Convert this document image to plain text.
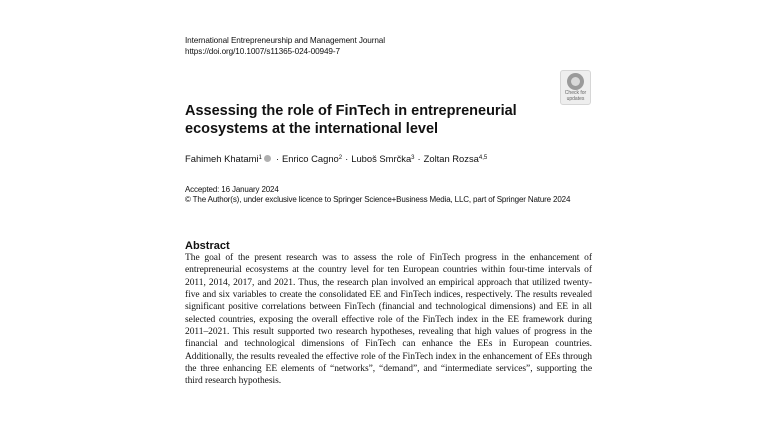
International Entrepreneurship and Management Journal
https://doi.org/10.1007/s11365-024-00949-7
Check for
updates
Assessing the role of FinTech in entrepreneurial ecosystems at the international level
Fahimeh Khatami$^1$ · Enrico Cagno$^2$ · Luboš Smrčka$^3$ · Zoltan Rozsa$^{4,5}$
Accepted: 16 January 2024
© The Author(s), under exclusive licence to Springer Science+Business Media, LLC, part of Springer Nature 2024
Abstract
The goal of the present research was to assess the role of FinTech progress in the enhancement of entrepreneurial ecosystems at the country level for ten European countries within four-time intervals of 2011, 2014, 2017, and 2021. Thus, the research plan involved an empirical approach that utilized twenty-five and six variables to create the consolidated EE and FinTech indices, respectively. The results revealed significant positive correlations between FinTech (financial and technological dimensions) and EE in all selected countries, exposing the overall effective role of the FinTech index in the EE framework during 2011–2021. This result supported two research hypotheses, revealing that high values of progress in the financial and technological dimensions of FinTech can enhance the EEs in European countries. Additionally, the results revealed the effective role of the FinTech index in the enhancement of EEs through the three enhancing EE elements of “networks”, “demand”, and “intermediate services”, supporting the third research hypothesis.
